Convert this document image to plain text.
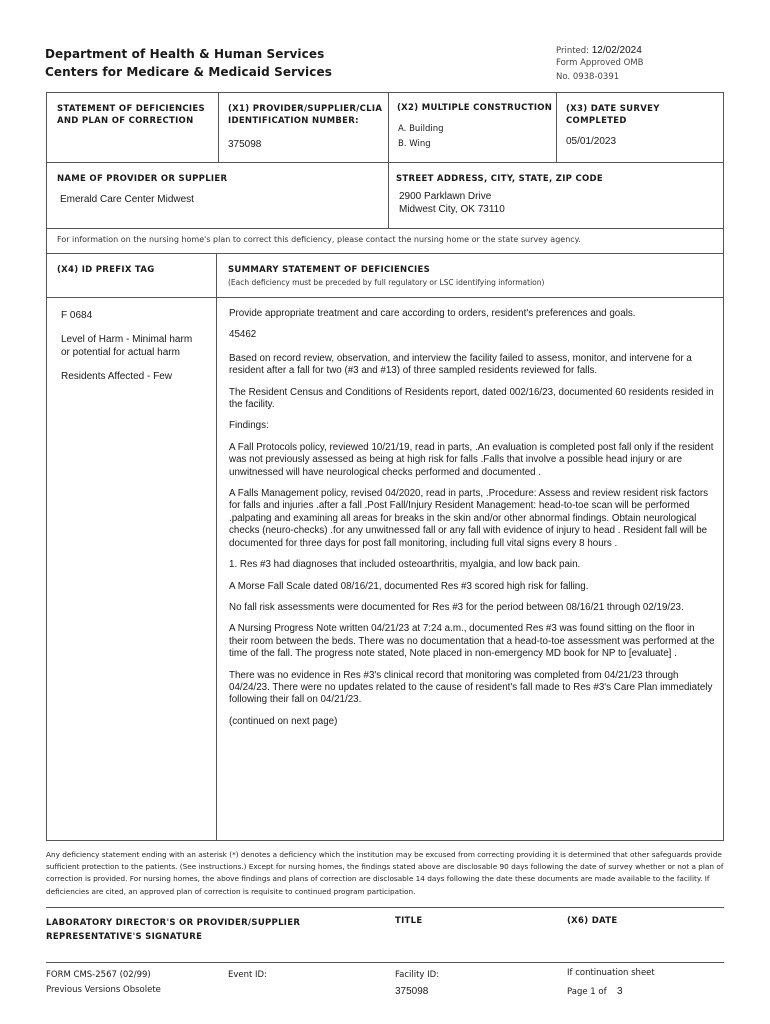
Department of Health & Human Services
Centers for Medicare & Medicaid Services
Printed: 12/02/2024
Form Approved OMB
No. 0938-0391
STATEMENT OF DEFICIENCIES
AND PLAN OF CORRECTION
(X1) PROVIDER/SUPPLIER/CLIA
IDENTIFICATION NUMBER:
375098
(X2) MULTIPLE CONSTRUCTION
A. Building
B. Wing
(X3) DATE SURVEY
COMPLETED
05/01/2023
NAME OF PROVIDER OR SUPPLIER
Emerald Care Center Midwest
STREET ADDRESS, CITY, STATE, ZIP CODE
2900 Parklawn Drive
Midwest City, OK 73110
For information on the nursing home's plan to correct this deficiency, please contact the nursing home or the state survey agency.
(X4) ID PREFIX TAG	SUMMARY STATEMENT OF DEFICIENCIES
(Each deficiency must be preceded by full regulatory or LSC identifying information)
F 0684
Level of Harm - Minimal harm
or potential for actual harm
Residents Affected - Few

Provide appropriate treatment and care according to orders, resident's preferences and goals.

45462

Based on record review, observation, and interview the facility failed to assess, monitor, and intervene for a resident after a fall for two (#3 and #13) of three sampled residents reviewed for falls.

The Resident Census and Conditions of Residents report, dated 002/16/23, documented 60 residents resided in the facility.

Findings:

A Fall Protocols policy, reviewed 10/21/19, read in parts, .An evaluation is completed post fall only if the resident was not previously assessed as being at high risk for falls .Falls that involve a possible head injury or are unwitnessed will have neurological checks performed and documented .

A Falls Management policy, revised 04/2020, read in parts, .Procedure: Assess and review resident risk factors for falls and injuries .after a fall .Post Fall/Injury Resident Management: head-to-toe scan will be performed .palpating and examining all areas for breaks in the skin and/or other abnormal findings. Obtain neurological checks (neuro-checks) .for any unwitnessed fall or any fall with evidence of injury to head . Resident fall will be documented for three days for post fall monitoring, including full vital signs every 8 hours .

1. Res #3 had diagnoses that included osteoarthritis, myalgia, and low back pain.

A Morse Fall Scale dated 08/16/21, documented Res #3 scored high risk for falling.

No fall risk assessments were documented for Res #3 for the period between 08/16/21 through 02/19/23.

A Nursing Progress Note written 04/21/23 at 7:24 a.m., documented Res #3 was found sitting on the floor in their room between the beds. There was no documentation that a head-to-toe assessment was performed at the time of the fall. The progress note stated, Note placed in non-emergency MD book for NP to [evaluate] .

There was no evidence in Res #3's clinical record that monitoring was completed from 04/21/23 through 04/24/23. There were no updates related to the cause of resident's fall made to Res #3's Care Plan immediately following their fall on 04/21/23.

(continued on next page)

Any deficiency statement ending with an asterisk (*) denotes a deficiency which the institution may be excused from correcting providing it is determined that other safeguards provide sufficient protection to the patients. (See instructions.) Except for nursing homes, the findings stated above are disclosable 90 days following the date of survey whether or not a plan of correction is provided. For nursing homes, the above findings and plans of correction are disclosable 14 days following the date these documents are made available to the facility. If deficiencies are cited, an approved plan of correction is requisite to continued program participation.
LABORATORY DIRECTOR'S OR PROVIDER/SUPPLIER
REPRESENTATIVE'S SIGNATURE
TITLE	(X6) DATE
FORM CMS-2567 (02/99)
Previous Versions Obsolete
Event ID:	Facility ID:
375098
If continuation sheet
Page 1 of 3
